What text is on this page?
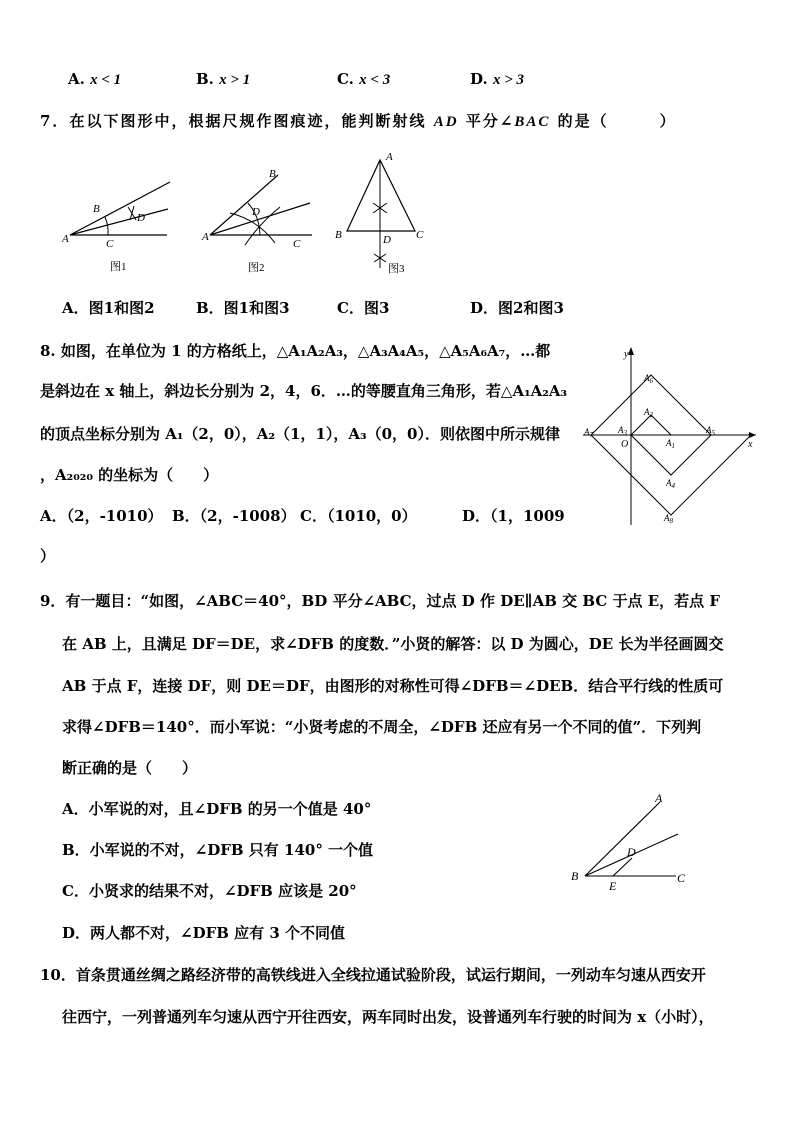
A. x < 1	B. x > 1	C. x < 3	D. x > 3
7．在以下图形中，根据尺规作图痕迹，能判断射线 AD 平分∠BAC 的是（　　　）
A
B
C
D
图1
A
B
D
C
图2
A
B	D C
图3
A．图1和图2	B．图1和图3	C．图3	D．图2和图3
8. 如图，在单位为 1 的方格纸上，△A₁A₂A₃，△A₃A₄A₅，△A₅A₆A₇，…都
是斜边在 x 轴上，斜边长分别为 2，4，6．…的等腰直角三角形，若△A₁A₂A₃
的顶点坐标分别为 A₁（2，0），A₂（1，1），A₃（0，0）．则依图中所示规律
，A₂₀₂₀ 的坐标为（　　）
A．（2，-1010） B．（2，-1008） C．（1010，0）	D．（1，1009
）
y
x
O
$A_6$
$A_2$
$A_3$
$A_1$
$A_5$
$A_7$
$A_4$
$A_8$
9．有一题目：“如图，∠ABC＝40°，BD 平分∠ABC，过点 D 作 DE∥AB 交 BC 于点 E，若点 F
在 AB 上，且满足 DF＝DE，求∠DFB 的度数．”小贤的解答：以 D 为圆心，DE 长为半径画圆交
AB 于点 F，连接 DF，则 DE＝DF，由图形的对称性可得∠DFB＝∠DEB．结合平行线的性质可
求得∠DFB＝140°．而小军说：“小贤考虑的不周全，∠DFB 还应有另一个不同的值”．下列判
断正确的是（　　）
A．小军说的对，且∠DFB 的另一个值是 40°
B．小军说的不对，∠DFB 只有 140° 一个值
C．小贤求的结果不对，∠DFB 应该是 20°
D．两人都不对，∠DFB 应有 3 个不同值
A
D
B
E
C
10．首条贯通丝绸之路经济带的高铁线进入全线拉通试验阶段，试运行期间，一列动车匀速从西安开
往西宁，一列普通列车匀速从西宁开往西安，两车同时出发，设普通列车行驶的时间为 x（小时），
